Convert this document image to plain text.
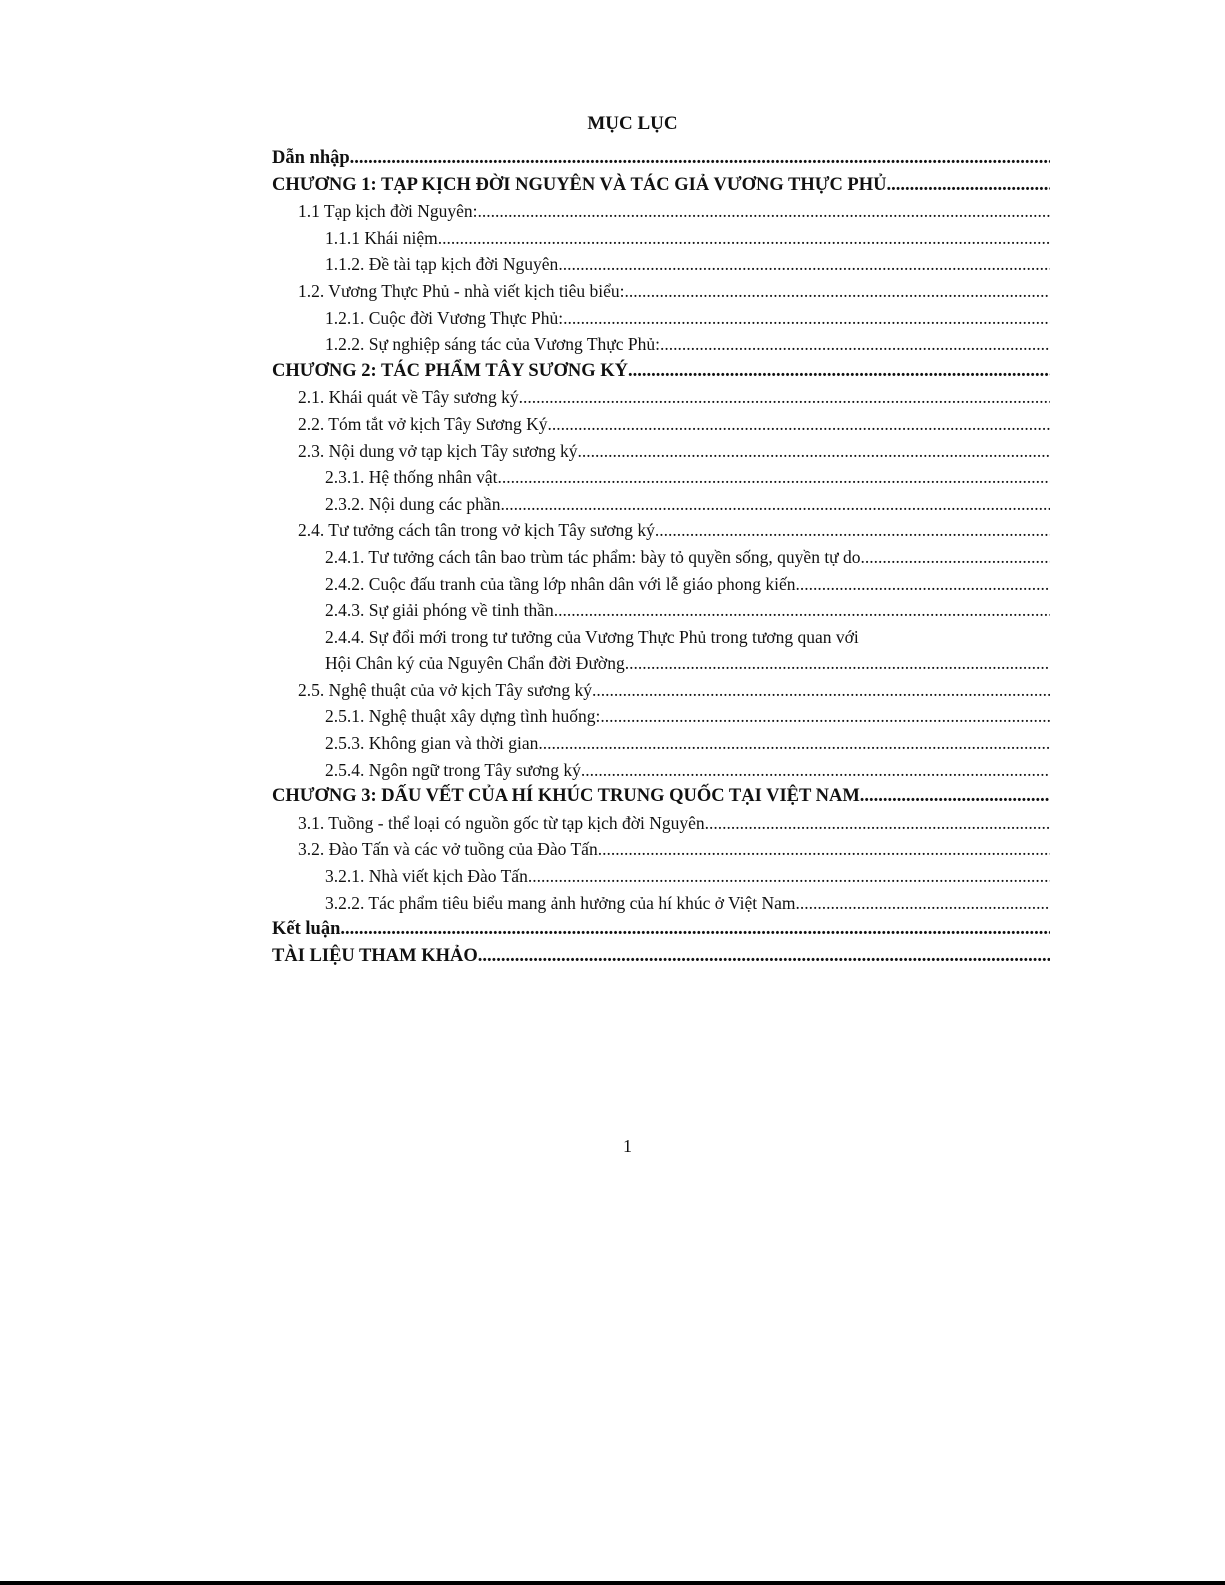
MỤC LỤC
Dẫn nhập .....
CHƯƠNG 1: TẠP KỊCH ĐỜI NGUYÊN VÀ TÁC GIẢ VƯƠNG THỰC PHỦ .....
1.1 Tạp kịch đời Nguyên: .....
1.1.1 Khái niệm .....
1.1.2. Đề tài tạp kịch đời Nguyên .....
1.2. Vương Thực Phủ - nhà viết kịch tiêu biểu: .....
1.2.1. Cuộc đời Vương Thực Phủ: .....
1.2.2. Sự nghiệp sáng tác của Vương Thực Phủ: .....
CHƯƠNG 2: TÁC PHẨM TÂY SƯƠNG KÝ .....
2.1. Khái quát về Tây sương ký .....
2.2. Tóm tắt vở kịch Tây Sương Ký .....
2.3. Nội dung vở tạp kịch Tây sương ký .....
2.3.1. Hệ thống nhân vật .....
2.3.2. Nội dung các phần .....
2.4. Tư tưởng cách tân trong vở kịch Tây sương ký .....
2.4.1. Tư tưởng cách tân bao trùm tác phẩm: bày tỏ quyền sống, quyền tự do .....
2.4.2. Cuộc đấu tranh của tầng lớp nhân dân với lễ giáo phong kiến .....
2.4.3. Sự giải phóng về tinh thần .....
2.4.4. Sự đổi mới trong tư tưởng của Vương Thực Phủ trong tương quan với
Hội Chân ký của Nguyên Chẩn đời Đường .....
2.5. Nghệ thuật của vở kịch Tây sương ký .....
2.5.1. Nghệ thuật xây dựng tình huống: .....
2.5.3. Không gian và thời gian .....
2.5.4. Ngôn ngữ trong Tây sương ký .....
CHƯƠNG 3: DẤU VẾT CỦA HÍ KHÚC TRUNG QUỐC TẠI VIỆT NAM .....
3.1. Tuồng - thể loại có nguồn gốc từ tạp kịch đời Nguyên .....
3.2. Đào Tấn và các vở tuồng của Đào Tấn .....
3.2.1. Nhà viết kịch Đào Tấn .....
3.2.2. Tác phẩm tiêu biểu mang ảnh hưởng của hí khúc ở Việt Nam .....
Kết luận .....
TÀI LIỆU THAM KHẢO .....
1
